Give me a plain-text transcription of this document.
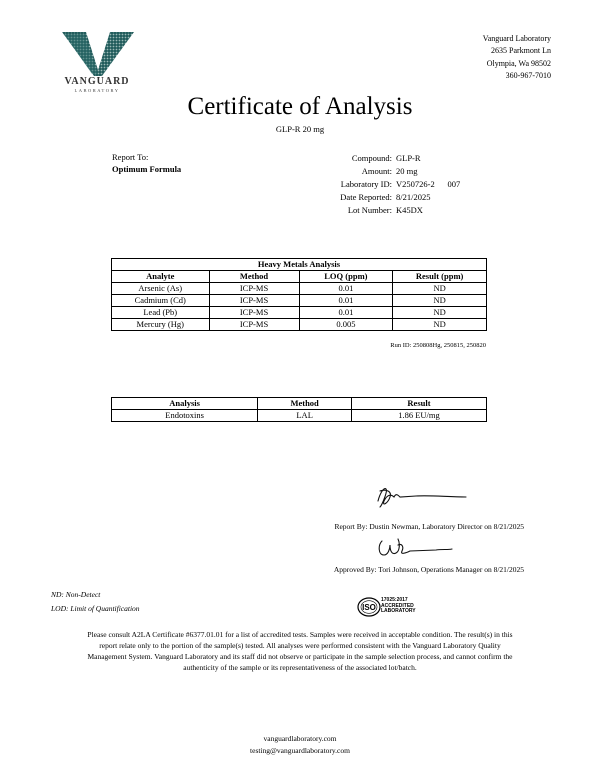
VANGUARD
LABORATORY
Vanguard Laboratory
2635 Parkmont Ln
Olympia, Wa 98502
360-967-7010
Certificate of Analysis
GLP-R 20 mg
Report To:
Optimum Formula
Compound: GLP-R
Amount: 20 mg
Laboratory ID: V250726-2      007
Date Reported: 8/21/2025
Lot Number: K45DX
Heavy Metals Analysis			
Analyte	Method	LOQ (ppm)	Result (ppm)
Arsenic (As)	ICP-MS	0.01	ND
Cadmium (Cd)	ICP-MS	0.01	ND
Lead (Pb)	ICP-MS	0.01	ND
Mercury (Hg)	ICP-MS	0.005	ND
Run ID: 250808Hg, 250815, 250820
Analysis	Method	Result
Endotoxins	LAL	1.86 EU/mg
Report By: Dustin Newman, Laboratory Director on 8/21/2025
Approved By: Tori Johnson, Operations Manager on 8/21/2025
ND: Non-Detect
LOD: Limit of Quantification	ISO
17025:2017
ACCREDITED
LABORATORY
Please consult A2LA Certificate #6377.01.01 for a list of accredited tests. Samples were received in acceptable condition. The result(s) in this
report relate only to the portion of the sample(s) tested. All analyses were performed consistent with the Vanguard Laboratory Quality
Management System. Vanguard Laboratory and its staff did not observe or participate in the sample selection process, and cannot confirm the
authenticity of the sample or its representativeness of the associated lot/batch.
vanguardlaboratory.com
testing@vanguardlaboratory.com
